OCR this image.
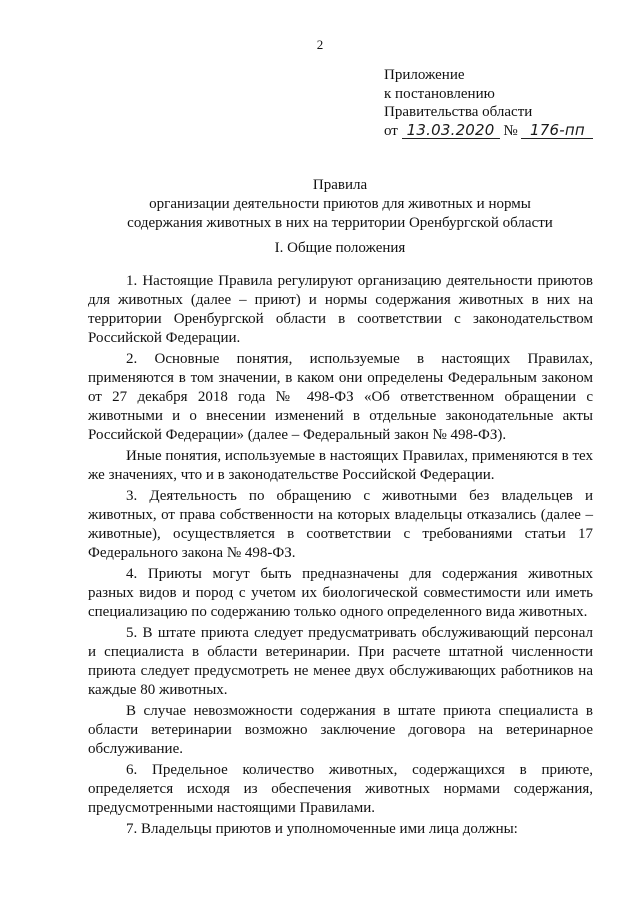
2
Приложение
к постановлению
Правительства области
от 13.03.2020 № 176-пп
Правила
организации деятельности приютов для животных и нормы
содержания животных в них на территории Оренбургской области
I. Общие положения

1. Настоящие Правила регулируют организацию деятельности приютов для животных (далее – приют) и нормы содержания животных в них на территории Оренбургской области в соответствии с законодательством Российской Федерации.

2. Основные понятия, используемые в настоящих Правилах, применяются в том значении, в каком они определены Федеральным законом от 27 декабря 2018 года № 498-ФЗ «Об ответственном обращении с животными и о внесении изменений в отдельные законодательные акты Российской Федерации» (далее – Федеральный закон № 498-ФЗ).

Иные понятия, используемые в настоящих Правилах, применяются в тех же значениях, что и в законодательстве Российской Федерации.

3. Деятельность по обращению с животными без владельцев и животных, от права собственности на которых владельцы отказались (далее – животные), осуществляется в соответствии с требованиями статьи 17 Федерального закона № 498-ФЗ.

4. Приюты могут быть предназначены для содержания животных разных видов и пород с учетом их биологической совместимости или иметь специализацию по содержанию только одного определенного вида животных.

5. В штате приюта следует предусматривать обслуживающий персонал и специалиста в области ветеринарии. При расчете штатной численности приюта следует предусмотреть не менее двух обслуживающих работников на каждые 80 животных.

В случае невозможности содержания в штате приюта специалиста в области ветеринарии возможно заключение договора на ветеринарное обслуживание.

6. Предельное количество животных, содержащихся в приюте, определяется исходя из обеспечения животных нормами содержания, предусмотренными настоящими Правилами.

7. Владельцы приютов и уполномоченные ими лица должны:
